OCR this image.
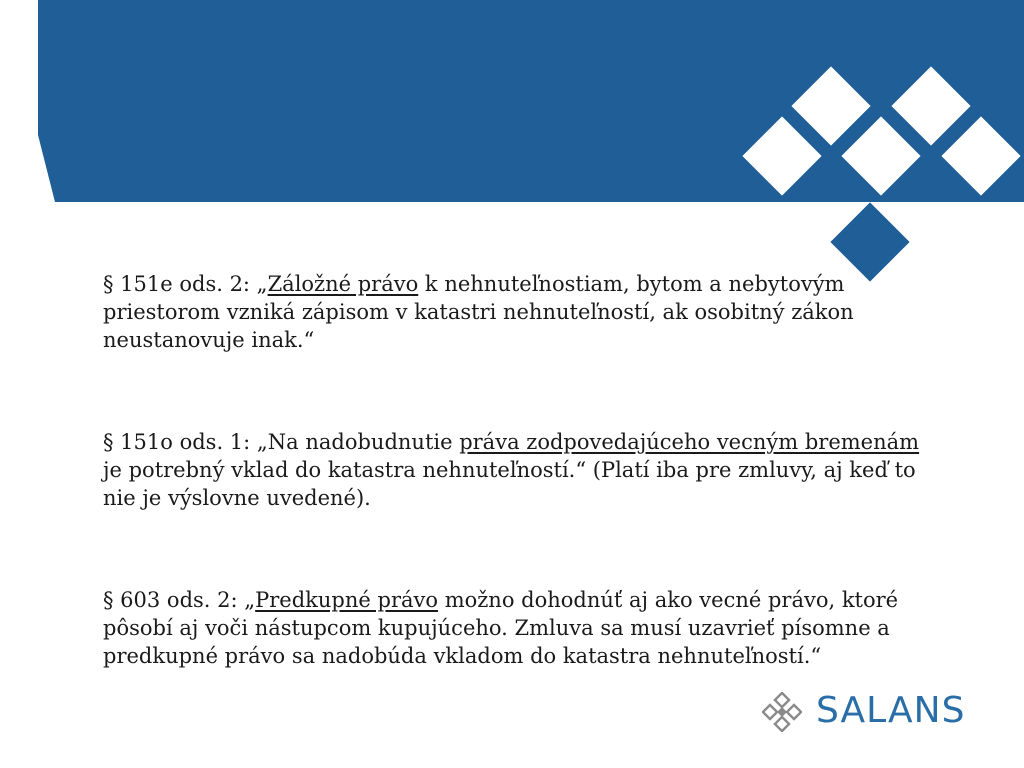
§ 151e ods. 2: „Záložné právo k nehnuteľnostiam, bytom a nebytovým priestorom vzniká zápisom v katastri nehnuteľností, ak osobitný zákon neustanovuje inak.“

§ 151o ods. 1: „Na nadobudnutie práva zodpovedajúceho vecným bremenám je potrebný vklad do katastra nehnuteľností.“ (Platí iba pre zmluvy, aj keď to nie je výslovne uvedené).

§ 603 ods. 2: „Predkupné právo možno dohodnúť aj ako vecné právo, ktoré pôsobí aj voči nástupcom kupujúceho. Zmluva sa musí uzavrieť písomne a predkupné právo sa nadobúda vkladom do katastra nehnuteľností.“

SALANS
